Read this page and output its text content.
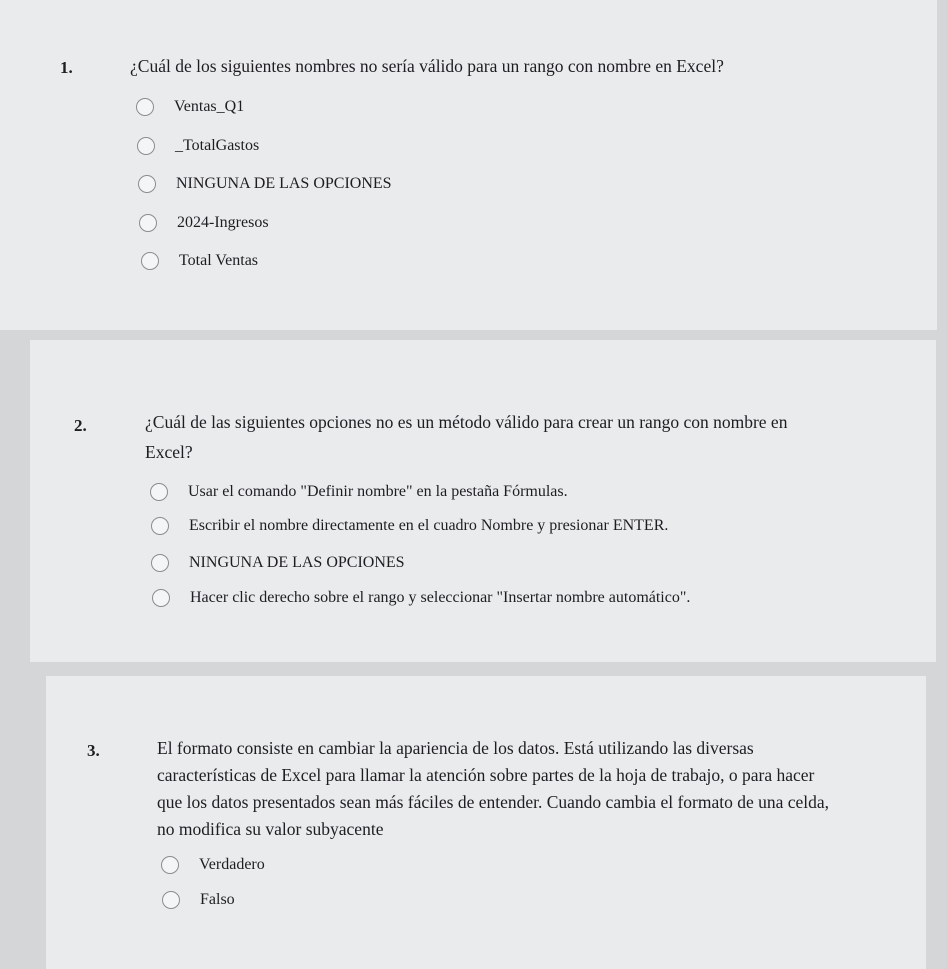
1.	¿Cuál de los siguientes nombres no sería válido para un rango con nombre en Excel?
Ventas_Q1
_TotalGastos
NINGUNA DE LAS OPCIONES
2024-Ingresos
Total Ventas
2.	¿Cuál de las siguientes opciones no es un método válido para crear un rango con nombre en
Excel?
Usar el comando "Definir nombre" en la pestaña Fórmulas.
Escribir el nombre directamente en el cuadro Nombre y presionar ENTER.
NINGUNA DE LAS OPCIONES
Hacer clic derecho sobre el rango y seleccionar "Insertar nombre automático".
3.	El formato consiste en cambiar la apariencia de los datos. Está utilizando las diversas
características de Excel para llamar la atención sobre partes de la hoja de trabajo, o para hacer
que los datos presentados sean más fáciles de entender. Cuando cambia el formato de una celda,
no modifica su valor subyacente
Verdadero
Falso
